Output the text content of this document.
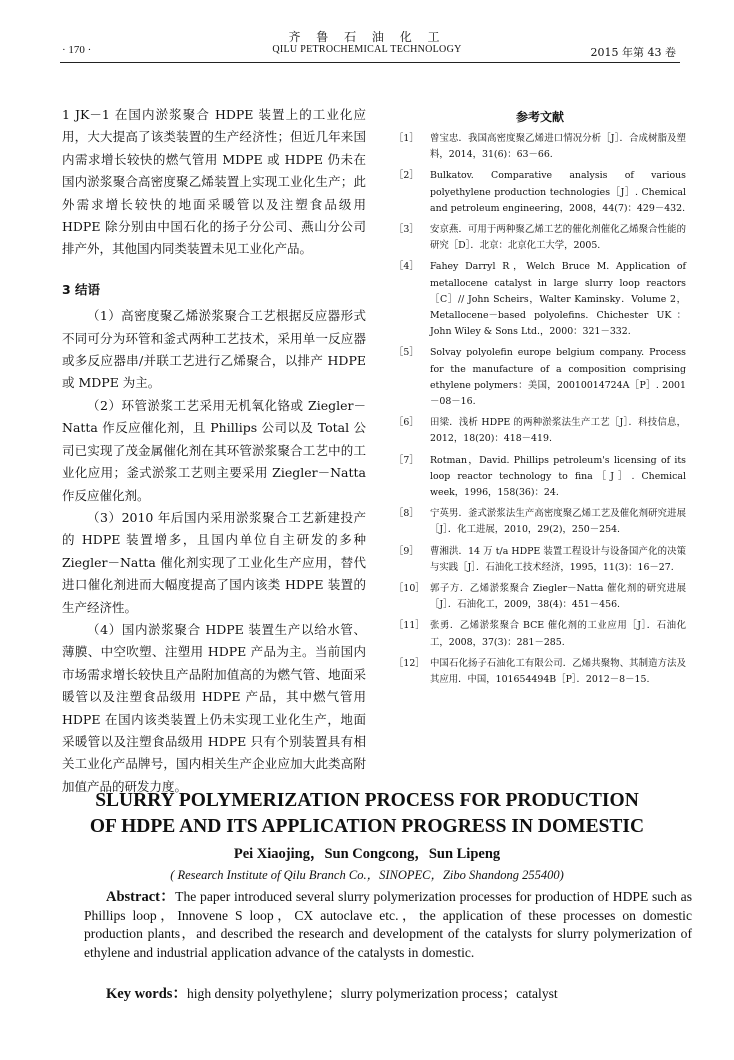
齐 鲁 石 油 化 工
· 170 ·	QILU PETROCHEMICAL TECHNOLOGY	2015 年第 43 卷

1 JK－1 在国内淤浆聚合 HDPE 装置上的工业化应用，大大提高了该类装置的生产经济性；但近几年来国内需求增长较快的燃气管用 MDPE 或 HDPE 仍未在国内淤浆聚合高密度聚乙烯装置上实现工业化生产；此外需求增长较快的地面采暖管以及注塑食品级用 HDPE 除分别由中国石化的扬子分公司、燕山分公司排产外，其他国内同类装置未见工业化产品。

3 结语

（1）高密度聚乙烯淤浆聚合工艺根据反应器形式不同可分为环管和釜式两种工艺技术，采用单一反应器或多反应器串/并联工艺进行乙烯聚合，以排产 HDPE 或 MDPE 为主。

（2）环管淤浆工艺采用无机氧化铬或 Ziegler－Natta 作反应催化剂，且 Phillips 公司以及 Total 公司已实现了茂金属催化剂在其环管淤浆聚合工艺中的工业化应用；釜式淤浆工艺则主要采用 Ziegler－Natta 作反应催化剂。

（3）2010 年后国内采用淤浆聚合工艺新建投产的 HDPE 装置增多，且国内单位自主研发的多种 Ziegler－Natta 催化剂实现了工业化生产应用，替代进口催化剂进而大幅度提高了国内该类 HDPE 装置的生产经济性。

（4）国内淤浆聚合 HDPE 装置生产以给水管、薄膜、中空吹塑、注塑用 HDPE 产品为主。当前国内市场需求增长较快且产品附加值高的为燃气管、地面采暖管以及注塑食品级用 HDPE 产品，其中燃气管用 HDPE 在国内该类装置上仍未实现工业化生产，地面采暖管以及注塑食品级用 HDPE 只有个别装置具有相关工业化产品牌号，国内相关生产企业应加大此类高附加值产品的研发力度。

参考文献
［1］	曾宝忠．我国高密度聚乙烯进口情况分析［J］．合成树脂及塑料，2014，31(6)：63－66.
［2］	Bulkatov. Comparative analysis of various polyethylene production technologies［J］. Chemical and petroleum engineering，2008，44(7)：429－432.
［3］	安京燕．可用于两种聚乙烯工艺的催化剂催化乙烯聚合性能的研究［D］．北京：北京化工大学，2005.
［4］	Fahey Darryl R，Welch Bruce M. Application of metallocene catalyst in large slurry loop reactors［C］// John Scheirs，Walter Kaminsky．Volume 2，Metallocene－based polyolefins. Chichester UK：John Wiley & Sons Ltd.，2000：321－332.
［5］	Solvay polyolefin europe belgium company. Process for the manufacture of a composition comprising ethylene polymers：美国，20010014724A［P］. 2001－08－16.
［6］	田梁．浅析 HDPE 的两种淤浆法生产工艺［J］．科技信息，2012，18(20)：418－419.
［7］	Rotman，David. Phillips petroleum's licensing of its loop reactor technology to fina［J］. Chemical week，1996，158(36)：24.
［8］	宁英男．釜式淤浆法生产高密度聚乙烯工艺及催化剂研究进展［J］．化工进展，2010，29(2)，250－254.
［9］	曹湘洪．14 万 t/a HDPE 装置工程设计与设备国产化的决策与实践［J］．石油化工技术经济，1995，11(3)：16－27.
［10］ 郭子方．乙烯淤浆聚合 Ziegler－Natta 催化剂的研究进展［J］．石油化工，2009，38(4)：451－456.
［11］ 张勇．乙烯淤浆聚合 BCE 催化剂的工业应用［J］．石油化工，2008，37(3)：281－285.
［12］ 中国石化扬子石油化工有限公司．乙烯共聚物、其制造方法及其应用．中国，101654494B［P］．2012－8－15.
SLURRY POLYMERIZATION PROCESS FOR PRODUCTION
OF HDPE AND ITS APPLICATION PROGRESS IN DOMESTIC
Pei Xiaojing，Sun Congcong，Sun Lipeng
( Research Institute of Qilu Branch Co.，SINOPEC，Zibo Shandong 255400)
Abstract：The paper introduced several slurry polymerization processes for production of HDPE such as Phillips loop，Innovene S loop，CX autoclave etc.，the application of these processes on domestic production plants，and described the research and development of the catalysts for slurry polymerization of ethylene and industrial application advance of the catalysts in domestic.
Key words：high density polyethylene；slurry polymerization process；catalyst
